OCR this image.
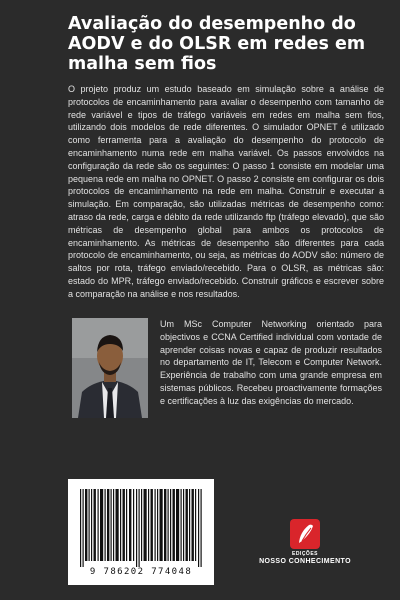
Avaliação do desempenho do AODV e do OLSR em redes em malha sem fios

O projeto produz um estudo baseado em simulação sobre a análise de protocolos de encaminhamento para avaliar o desempenho com tamanho de rede variável e tipos de tráfego variáveis em redes em malha sem fios, utilizando dois modelos de rede diferentes. O simulador OPNET é utilizado como ferramenta para a avaliação do desempenho do protocolo de encaminhamento numa rede em malha variável. Os passos envolvidos na configuração da rede são os seguintes: O passo 1 consiste em modelar uma pequena rede em malha no OPNET. O passo 2 consiste em configurar os dois protocolos de encaminhamento na rede em malha. Construir e executar a simulação. Em comparação, são utilizadas métricas de desempenho como: atraso da rede, carga e débito da rede utilizando ftp (tráfego elevado), que são métricas de desempenho global para ambos os protocolos de encaminhamento. As métricas de desempenho são diferentes para cada protocolo de encaminhamento, ou seja, as métricas do AODV são: número de saltos por rota, tráfego enviado/recebido. Para o OLSR, as métricas são: estado do MPR, tráfego enviado/recebido. Construir gráficos e escrever sobre a comparação na análise e nos resultados.

Um MSc Computer Networking orientado para objectivos e CCNA Certified individual com vontade de aprender coisas novas e capaz de produzir resultados no departamento de IT, Telecom e Computer Network. Experiência de trabalho com uma grande empresa em sistemas públicos. Recebeu proactivamente formações e certificações à luz das exigências do mercado.

9 786202 774048
EDIÇÕES
NOSSO CONHECIMENTO
